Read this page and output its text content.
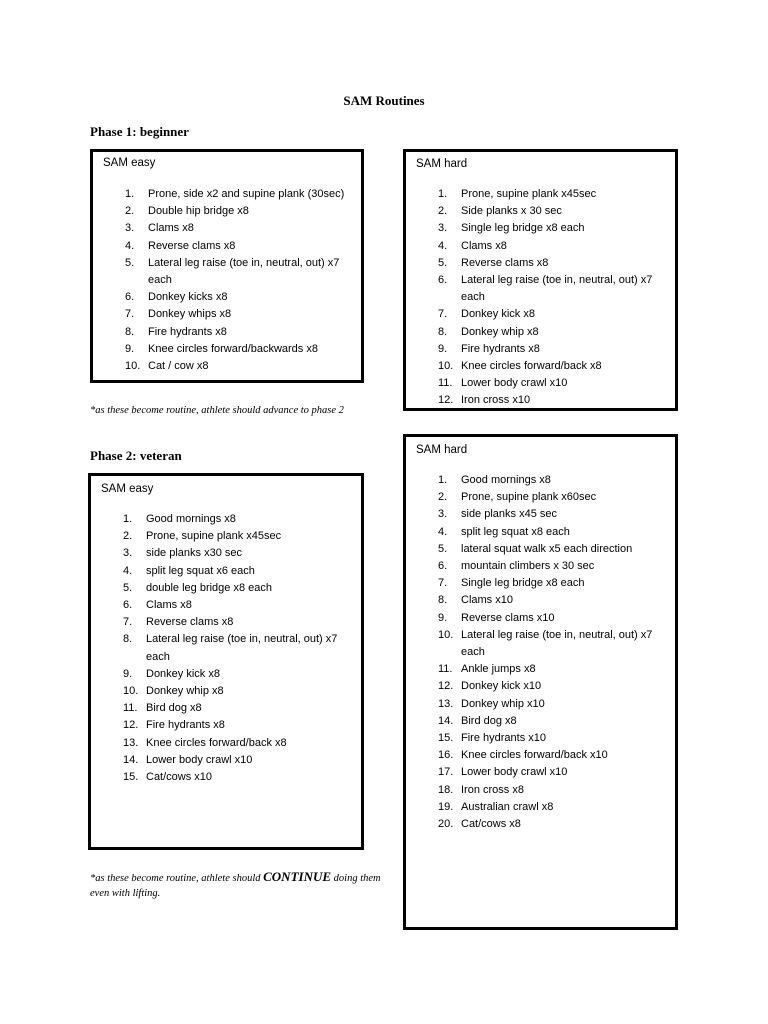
SAM Routines
Phase 1: beginner
SAM easy
1. Prone, side x2 and supine plank (30sec)
2. Double hip bridge x8
3. Clams x8
4. Reverse clams x8
5. Lateral leg raise (toe in, neutral, out) x7 each
6. Donkey kicks x8
7. Donkey whips x8
8. Fire hydrants x8
9. Knee circles forward/backwards x8
10. Cat / cow x8
SAM hard
1. Prone, supine plank x45sec
2. Side planks x 30 sec
3. Single leg bridge x8 each
4. Clams x8
5. Reverse clams x8
6. Lateral leg raise (toe in, neutral, out) x7 each
7. Donkey kick x8
8. Donkey whip x8
9. Fire hydrants x8
10. Knee circles forward/back x8
11. Lower body crawl x10
12. Iron cross x10
*as these become routine, athlete should advance to phase 2
Phase 2: veteran
SAM easy
1. Good mornings x8
2. Prone, supine plank x45sec
3. side planks x30 sec
4. split leg squat x6 each
5. double leg bridge x8 each
6. Clams x8
7. Reverse clams x8
8. Lateral leg raise (toe in, neutral, out) x7 each
9. Donkey kick x8
10. Donkey whip x8
11. Bird dog x8
12. Fire hydrants x8
13. Knee circles forward/back x8
14. Lower body crawl x10
15. Cat/cows x10
SAM hard
1. Good mornings x8
2. Prone, supine plank x60sec
3. side planks x45 sec
4. split leg squat x8 each
5. lateral squat walk x5 each direction
6. mountain climbers x 30 sec
7. Single leg bridge x8 each
8. Clams x10
9. Reverse clams x10
10. Lateral leg raise (toe in, neutral, out) x7 each
11. Ankle jumps x8
12. Donkey kick x10
13. Donkey whip x10
14. Bird dog x8
15. Fire hydrants x10
16. Knee circles forward/back x10
17. Lower body crawl x10
18. Iron cross x8
19. Australian crawl x8
20. Cat/cows x8
*as these become routine, athlete should CONTINUE doing them even with lifting.
